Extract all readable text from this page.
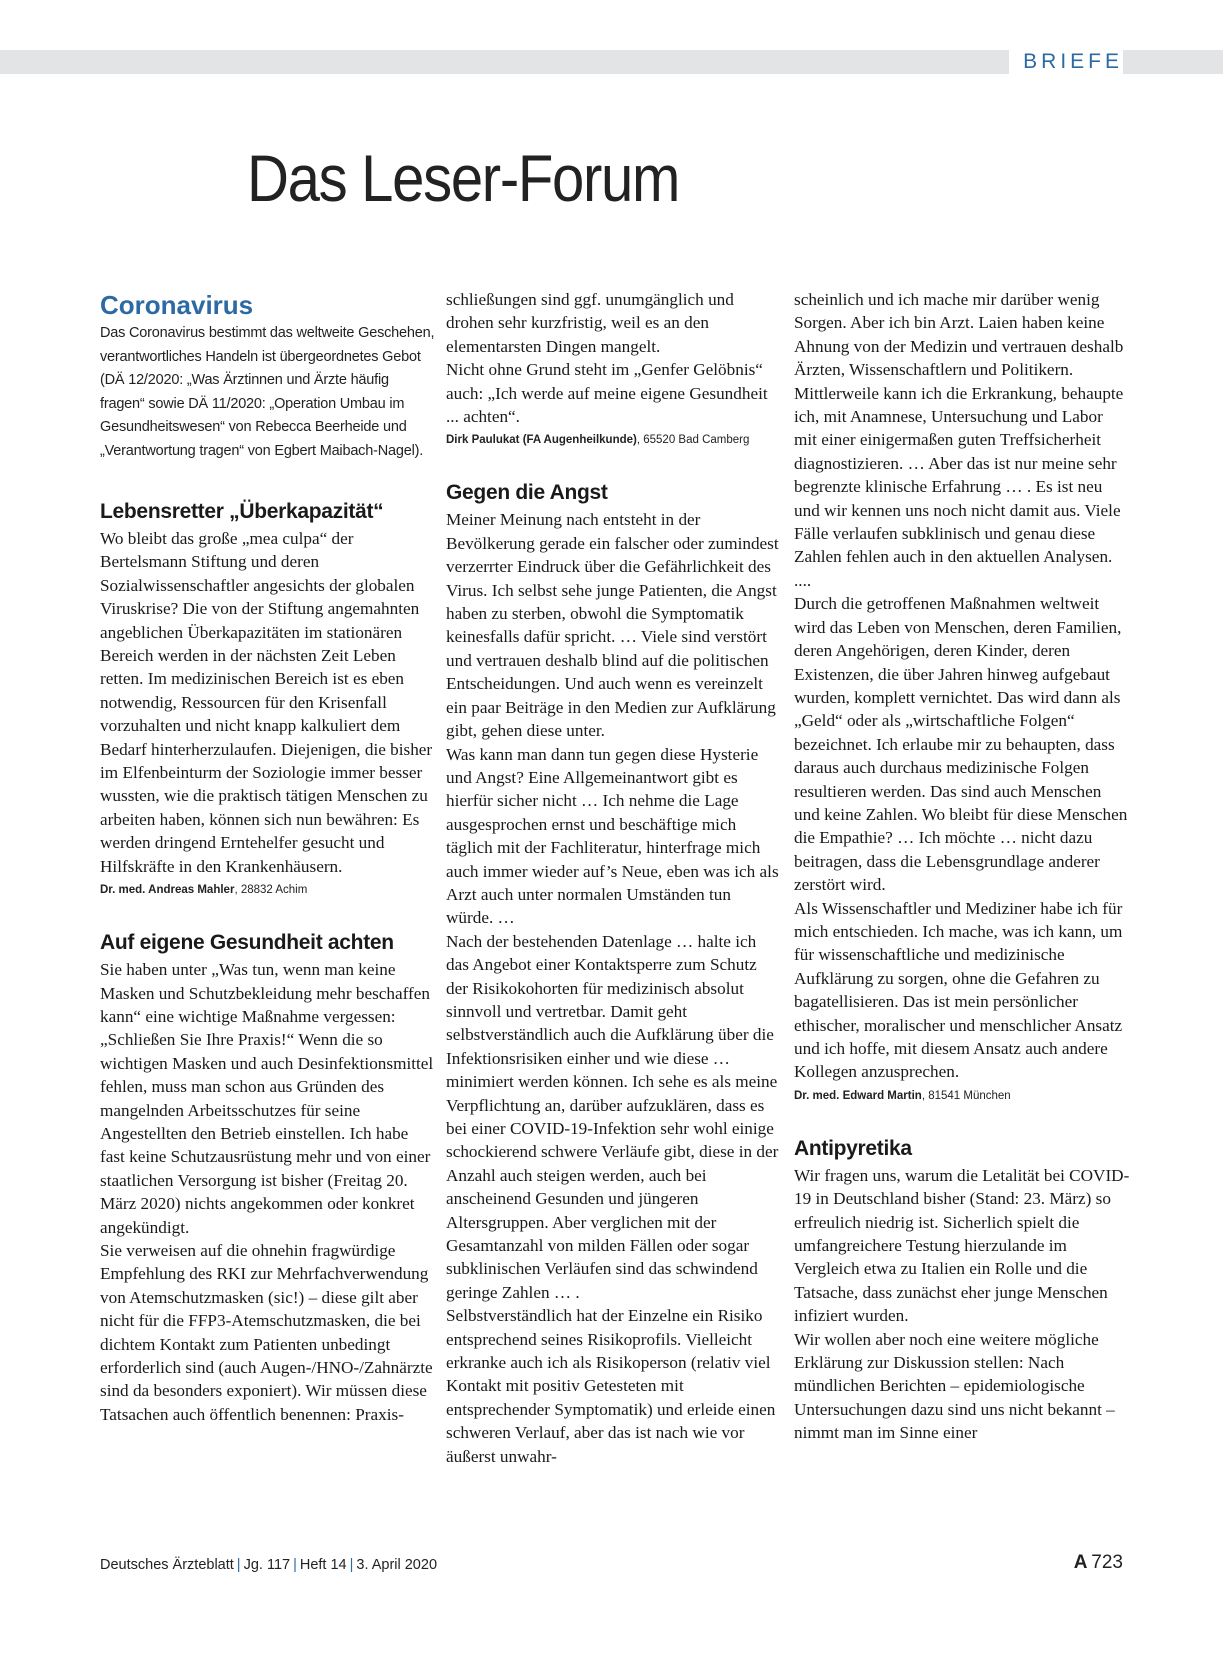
BRIEFE
Das Leser-Forum
Coronavirus

Das Coronavirus bestimmt das weltweite Geschehen, verantwortliches Handeln ist übergeordnetes Gebot (DÄ 12/2020: „Was Ärztinnen und Ärzte häufig fragen“ sowie DÄ 11/2020: „Operation Umbau im Gesundheitswesen“ von Rebecca Beerheide und „Verantwortung tragen“ von Egbert Maibach-Nagel).

Lebensretter „Überkapazität“

Wo bleibt das große „mea culpa“ der Bertelsmann Stiftung und deren Sozialwissenschaftler angesichts der globalen Viruskrise? Die von der Stiftung angemahnten angeblichen Überkapazitäten im stationären Bereich werden in der nächsten Zeit Leben retten. Im medizinischen Bereich ist es eben notwendig, Ressourcen für den Krisenfall vorzuhalten und nicht knapp kalkuliert dem Bedarf hinterherzulaufen. Diejenigen, die bisher im Elfenbeinturm der Soziologie immer besser wussten, wie die praktisch tätigen Menschen zu arbeiten haben, können sich nun bewähren: Es werden dringend Erntehelfer gesucht und Hilfskräfte in den Krankenhäusern.

Dr. med. Andreas Mahler, 28832 Achim

Auf eigene Gesundheit achten

Sie haben unter „Was tun, wenn man keine Masken und Schutzbekleidung mehr beschaffen kann“ eine wichtige Maßnahme vergessen: „Schließen Sie Ihre Praxis!“ Wenn die so wichtigen Masken und auch Desinfektionsmittel fehlen, muss man schon aus Gründen des mangelnden Arbeitsschutzes für seine Angestellten den Betrieb einstellen. Ich habe fast keine Schutzausrüstung mehr und von einer staatlichen Versorgung ist bisher (Freitag 20. März 2020) nichts angekommen oder konkret angekündigt.

Sie verweisen auf die ohnehin fragwürdige Empfehlung des RKI zur Mehrfachverwendung von Atemschutzmasken (sic!) – diese gilt aber nicht für die FFP3-Atemschutzmasken, die bei dichtem Kontakt zum Patienten unbedingt erforderlich sind (auch Augen-/HNO-/Zahnärzte sind da besonders exponiert). Wir müssen diese Tatsachen auch öffentlich benennen: Praxis-

schließungen sind ggf. unumgänglich und drohen sehr kurzfristig, weil es an den elementarsten Dingen mangelt.

Nicht ohne Grund steht im „Genfer Gelöbnis“ auch: „Ich werde auf meine eigene Gesundheit ... achten“.

Dirk Paulukat (FA Augenheilkunde), 65520 Bad Camberg

Gegen die Angst

Meiner Meinung nach entsteht in der Bevölkerung gerade ein falscher oder zumindest verzerrter Eindruck über die Gefährlichkeit des Virus. Ich selbst sehe junge Patienten, die Angst haben zu sterben, obwohl die Symptomatik keinesfalls dafür spricht. … Viele sind verstört und vertrauen deshalb blind auf die politischen Entscheidungen. Und auch wenn es vereinzelt ein paar Beiträge in den Medien zur Aufklärung gibt, gehen diese unter.

Was kann man dann tun gegen diese Hysterie und Angst? Eine Allgemeinantwort gibt es hierfür sicher nicht … Ich nehme die Lage ausgesprochen ernst und beschäftige mich täglich mit der Fachliteratur, hinterfrage mich auch immer wieder auf’s Neue, eben was ich als Arzt auch unter normalen Umständen tun würde. …

Nach der bestehenden Datenlage … halte ich das Angebot einer Kontaktsperre zum Schutz der Risikokohorten für medizinisch absolut sinnvoll und vertretbar. Damit geht selbstverständlich auch die Aufklärung über die Infektionsrisiken einher und wie diese … minimiert werden können. Ich sehe es als meine Verpflichtung an, darüber aufzuklären, dass es bei einer COVID-19-Infektion sehr wohl einige schockierend schwere Verläufe gibt, diese in der Anzahl auch steigen werden, auch bei anscheinend Gesunden und jüngeren Altersgruppen. Aber verglichen mit der Gesamtanzahl von milden Fällen oder sogar subklinischen Verläufen sind das schwindend geringe Zahlen … .

Selbstverständlich hat der Einzelne ein Risiko entsprechend seines Risikoprofils. Vielleicht erkranke auch ich als Risikoperson (relativ viel Kontakt mit positiv Getesteten mit entsprechender Symptomatik) und erleide einen schweren Verlauf, aber das ist nach wie vor äußerst unwahr-

scheinlich und ich mache mir darüber wenig Sorgen. Aber ich bin Arzt. Laien haben keine Ahnung von der Medizin und vertrauen deshalb Ärzten, Wissenschaftlern und Politikern.

Mittlerweile kann ich die Erkrankung, behaupte ich, mit Anamnese, Untersuchung und Labor mit einer einigermaßen guten Treffsicherheit diagnostizieren. … Aber das ist nur meine sehr begrenzte klinische Erfahrung … . Es ist neu und wir kennen uns noch nicht damit aus. Viele Fälle verlaufen subklinisch und genau diese Zahlen fehlen auch in den aktuellen Analysen. ....

Durch die getroffenen Maßnahmen weltweit wird das Leben von Menschen, deren Familien, deren Angehörigen, deren Kinder, deren Existenzen, die über Jahren hinweg aufgebaut wurden, komplett vernichtet. Das wird dann als „Geld“ oder als „wirtschaftliche Folgen“ bezeichnet. Ich erlaube mir zu behaupten, dass daraus auch durchaus medizinische Folgen resultieren werden. Das sind auch Menschen und keine Zahlen. Wo bleibt für diese Menschen die Empathie? … Ich möchte … nicht dazu beitragen, dass die Lebensgrundlage anderer zerstört wird.

Als Wissenschaftler und Mediziner habe ich für mich entschieden. Ich mache, was ich kann, um für wissenschaftliche und medizinische Aufklärung zu sorgen, ohne die Gefahren zu bagatellisieren. Das ist mein persönlicher ethischer, moralischer und menschlicher Ansatz und ich hoffe, mit diesem Ansatz auch andere Kollegen anzusprechen.

Dr. med. Edward Martin, 81541 München

Antipyretika

Wir fragen uns, warum die Letalität bei COVID-19 in Deutschland bisher (Stand: 23. März) so erfreulich niedrig ist. Sicherlich spielt die umfangreichere Testung hierzulande im Vergleich etwa zu Italien ein Rolle und die Tatsache, dass zunächst eher junge Menschen infiziert wurden.

Wir wollen aber noch eine weitere mögliche Erklärung zur Diskussion stellen: Nach mündlichen Berichten – epidemiologische Untersuchungen dazu sind uns nicht bekannt – nimmt man im Sinne einer

Deutsches Ärzteblatt | Jg. 117 | Heft 14 | 3. April 2020	A  723
